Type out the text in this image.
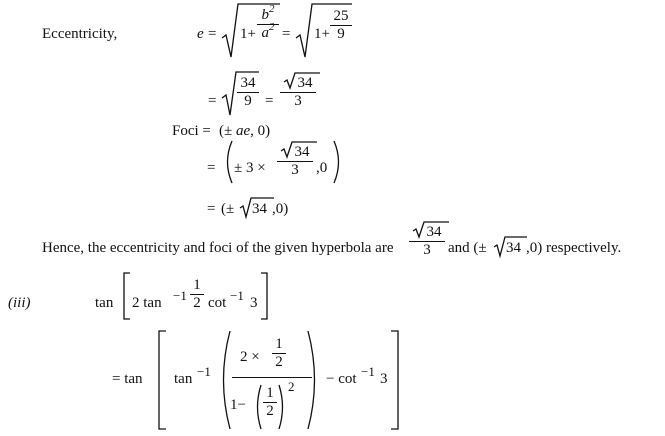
Eccentricity,	e = 1+
$b^2$
$a^2 = 1+$
25
9
=
34
9 =
34
3
Foci = (± ae, 0)
= ± 3 ×
34
3	,0
= (± 34 ,0)
Hence, the eccentricity and foci of the given hyperbola are
34
3	and (± 34 ,0) respectively.
(iii)	tan 2 tan −1
1
2 cot −1 3
= tan tan −1
2 ×
1
2
1−
1
2
2 − cot −1 3
